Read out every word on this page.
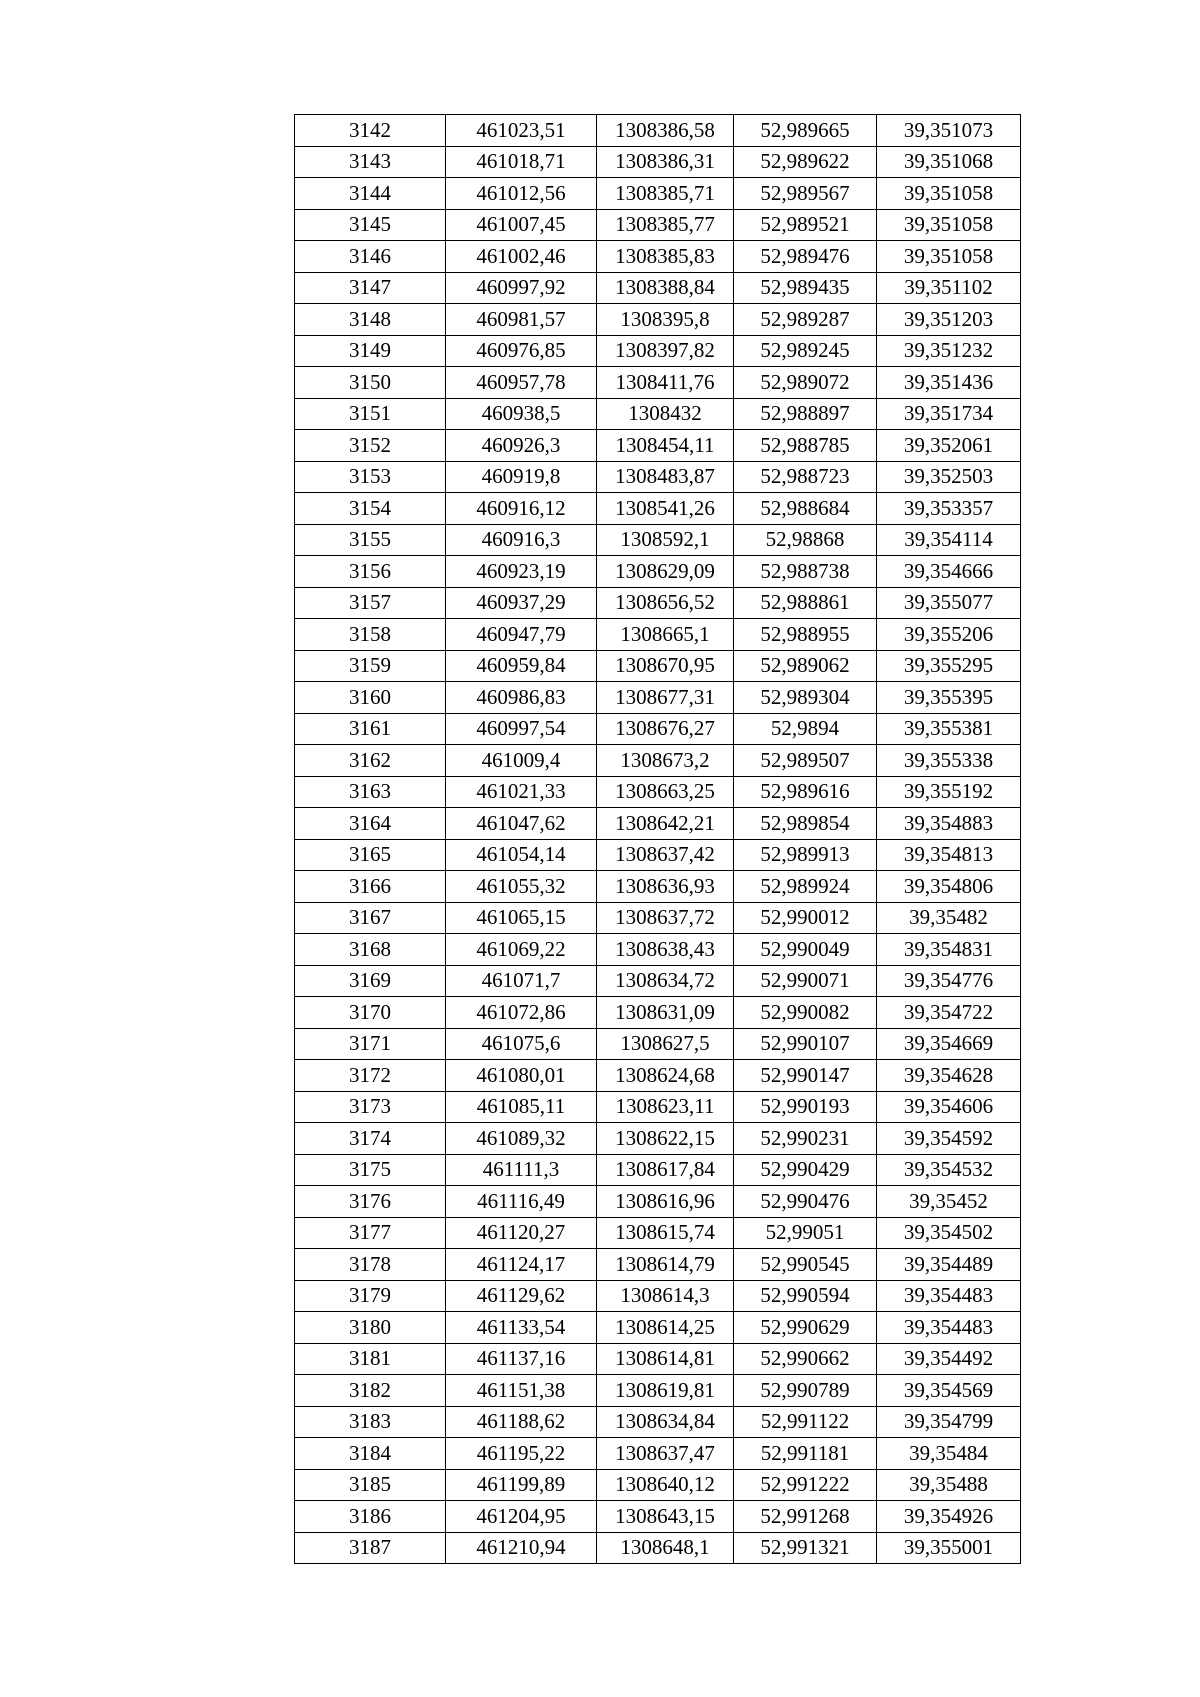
3142	461023,51	1308386,58	52,989665	39,351073
3143	461018,71	1308386,31	52,989622	39,351068
3144	461012,56	1308385,71	52,989567	39,351058
3145	461007,45	1308385,77	52,989521	39,351058
3146	461002,46	1308385,83	52,989476	39,351058
3147	460997,92	1308388,84	52,989435	39,351102
3148	460981,57	1308395,8	52,989287	39,351203
3149	460976,85	1308397,82	52,989245	39,351232
3150	460957,78	1308411,76	52,989072	39,351436
3151	460938,5	1308432	52,988897	39,351734
3152	460926,3	1308454,11	52,988785	39,352061
3153	460919,8	1308483,87	52,988723	39,352503
3154	460916,12	1308541,26	52,988684	39,353357
3155	460916,3	1308592,1	52,98868	39,354114
3156	460923,19	1308629,09	52,988738	39,354666
3157	460937,29	1308656,52	52,988861	39,355077
3158	460947,79	1308665,1	52,988955	39,355206
3159	460959,84	1308670,95	52,989062	39,355295
3160	460986,83	1308677,31	52,989304	39,355395
3161	460997,54	1308676,27	52,9894	39,355381
3162	461009,4	1308673,2	52,989507	39,355338
3163	461021,33	1308663,25	52,989616	39,355192
3164	461047,62	1308642,21	52,989854	39,354883
3165	461054,14	1308637,42	52,989913	39,354813
3166	461055,32	1308636,93	52,989924	39,354806
3167	461065,15	1308637,72	52,990012	39,35482
3168	461069,22	1308638,43	52,990049	39,354831
3169	461071,7	1308634,72	52,990071	39,354776
3170	461072,86	1308631,09	52,990082	39,354722
3171	461075,6	1308627,5	52,990107	39,354669
3172	461080,01	1308624,68	52,990147	39,354628
3173	461085,11	1308623,11	52,990193	39,354606
3174	461089,32	1308622,15	52,990231	39,354592
3175	461111,3	1308617,84	52,990429	39,354532
3176	461116,49	1308616,96	52,990476	39,35452
3177	461120,27	1308615,74	52,99051	39,354502
3178	461124,17	1308614,79	52,990545	39,354489
3179	461129,62	1308614,3	52,990594	39,354483
3180	461133,54	1308614,25	52,990629	39,354483
3181	461137,16	1308614,81	52,990662	39,354492
3182	461151,38	1308619,81	52,990789	39,354569
3183	461188,62	1308634,84	52,991122	39,354799
3184	461195,22	1308637,47	52,991181	39,35484
3185	461199,89	1308640,12	52,991222	39,35488
3186	461204,95	1308643,15	52,991268	39,354926
3187	461210,94	1308648,1	52,991321	39,355001
